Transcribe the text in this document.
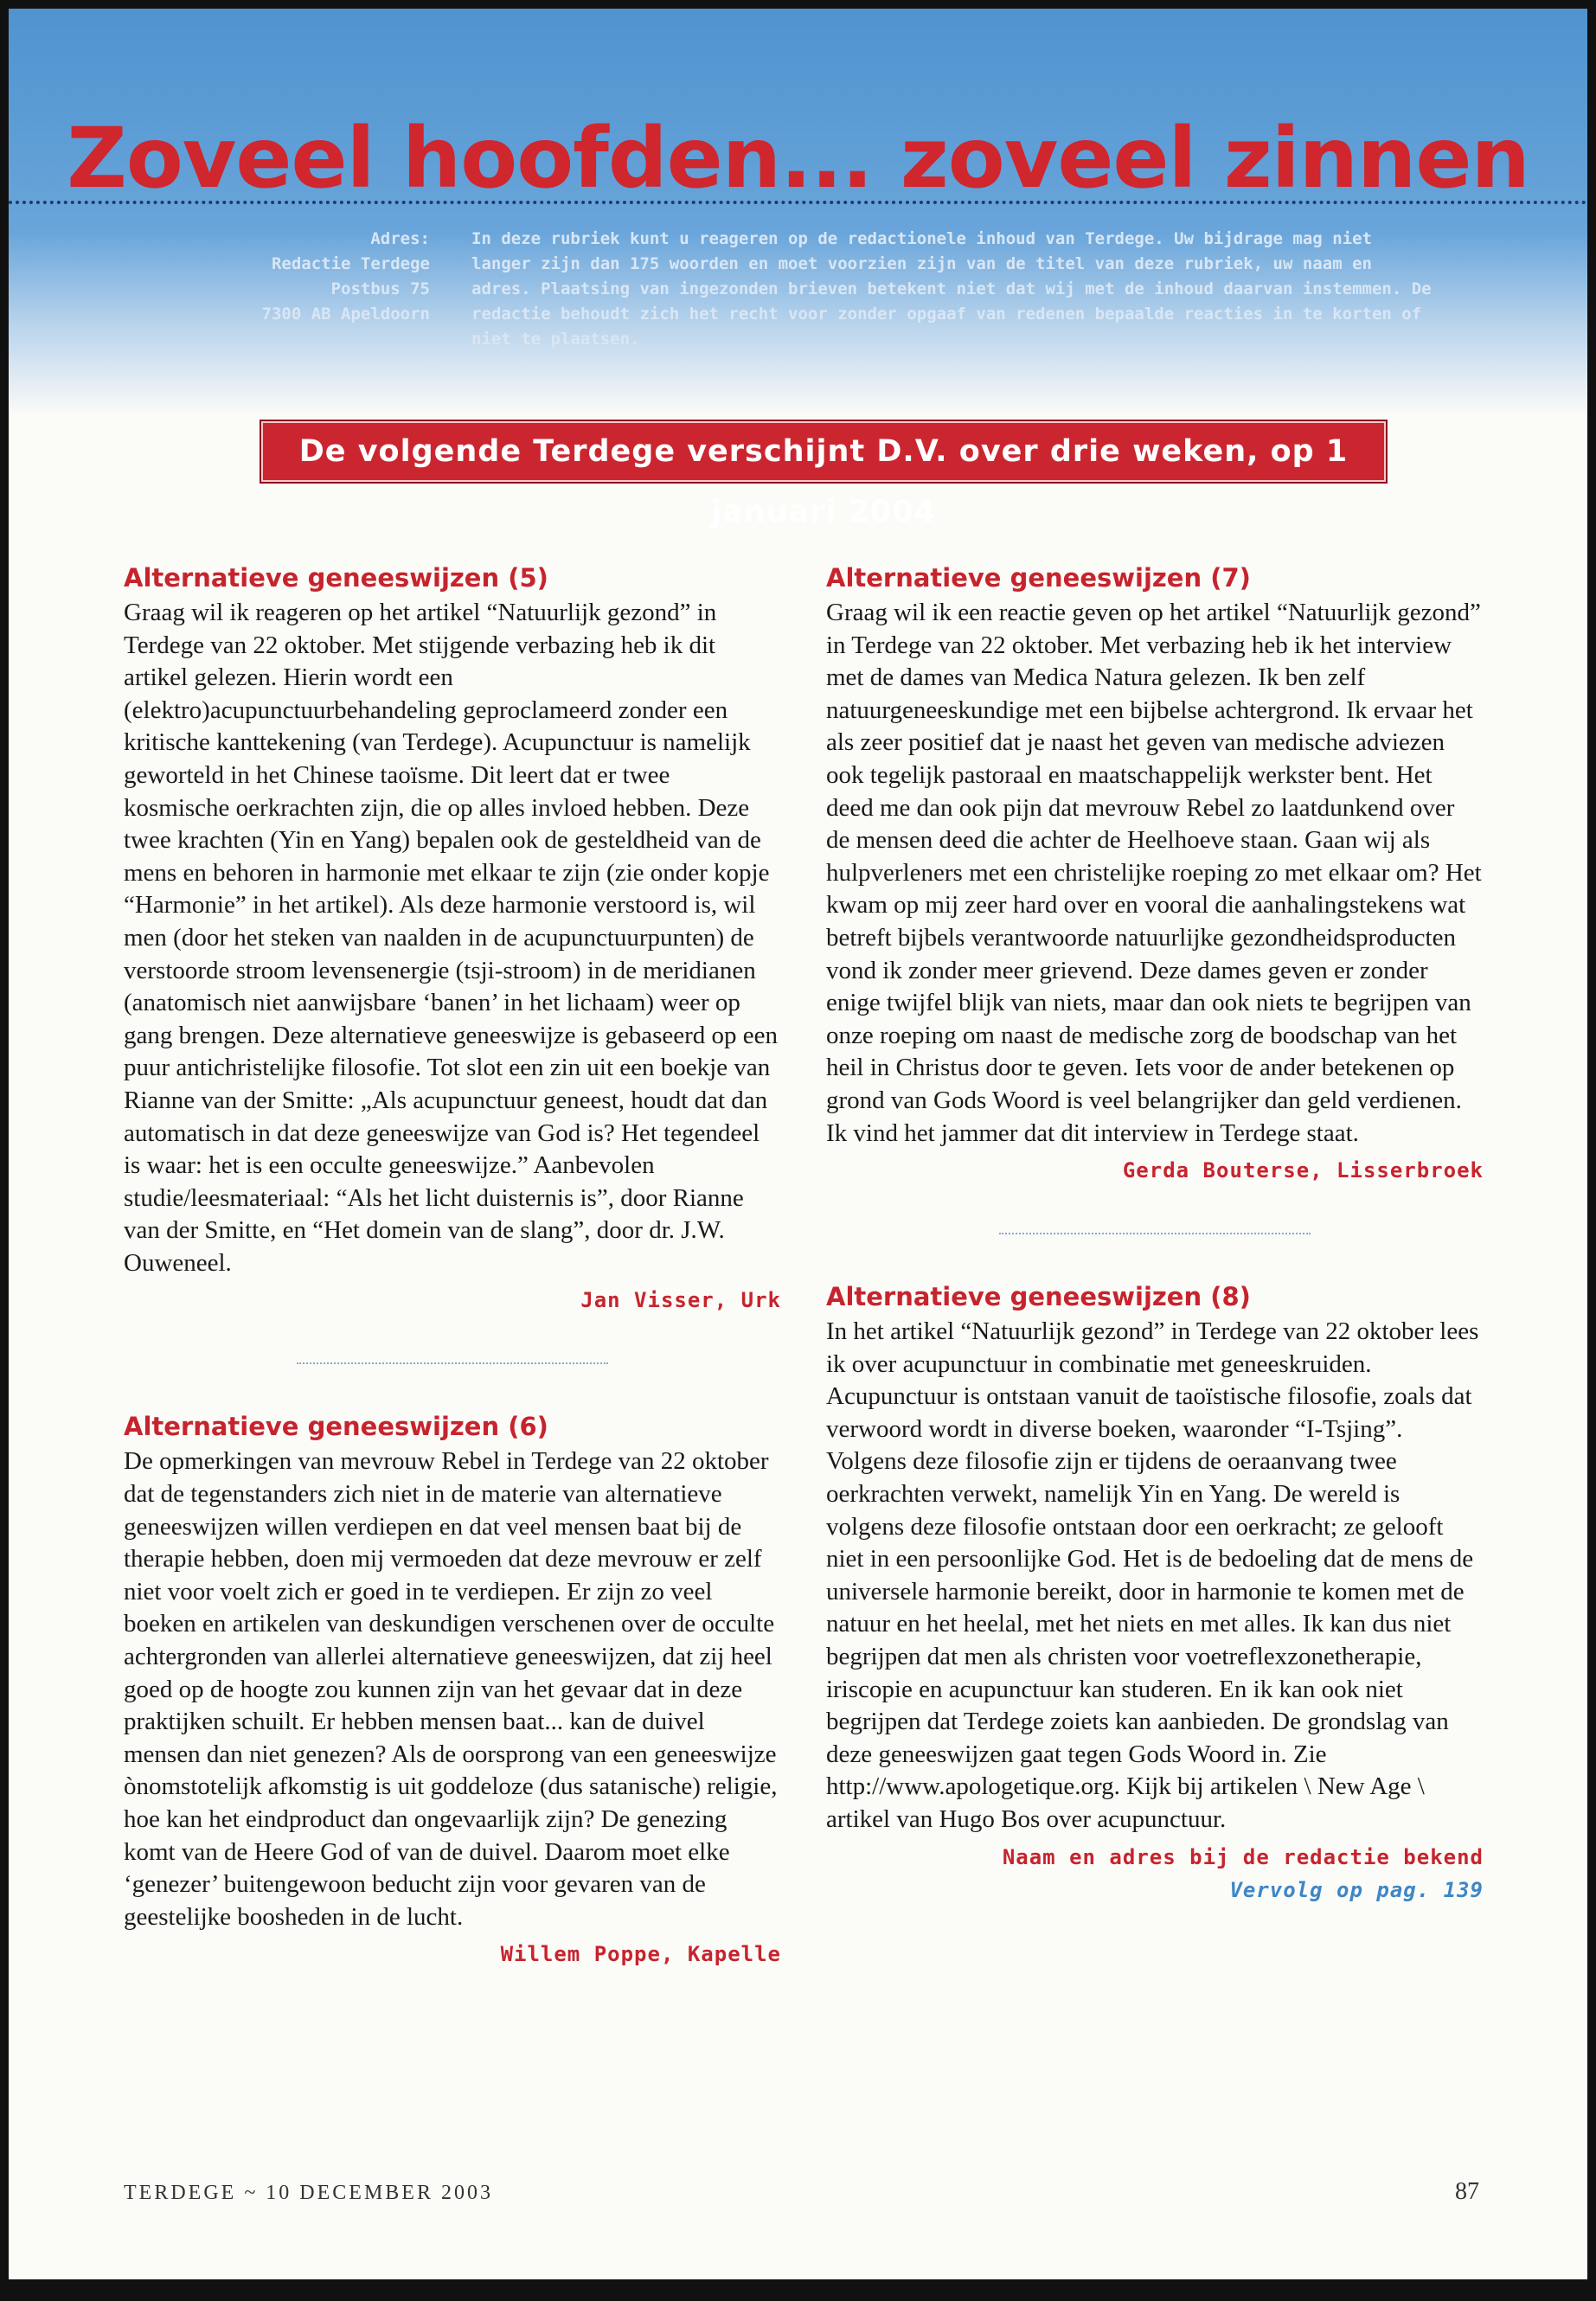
Zoveel hoofden... zoveel zinnen
Adres:
Redactie Terdege
Postbus 75
7300 AB Apeldoorn
In deze rubriek kunt u reageren op de redactionele inhoud van Terdege. Uw bijdrage mag niet langer zijn dan 175 woorden en moet voorzien zijn van de titel van deze rubriek, uw naam en adres. Plaatsing van ingezonden brieven betekent niet dat wij met de inhoud daarvan instemmen. De redactie behoudt zich het recht voor zonder opgaaf van redenen bepaalde reacties in te korten of niet te plaatsen.
De volgende Terdege verschijnt D.V. over drie weken, op 1 januari 2004
Alternatieve geneeswijzen (5)

Graag wil ik reageren op het artikel “Natuurlijk gezond” in Terdege van 22 oktober. Met stijgende verbazing heb ik dit artikel gelezen. Hierin wordt een (elektro)acupunctuurbehandeling geproclameerd zonder een kritische kanttekening (van Terdege). Acupunctuur is namelijk geworteld in het Chinese taoïsme. Dit leert dat er twee kosmische oerkrachten zijn, die op alles invloed hebben. Deze twee krachten (Yin en Yang) bepalen ook de gesteldheid van de mens en behoren in harmonie met elkaar te zijn (zie onder kopje “Harmonie” in het artikel). Als deze harmonie verstoord is, wil men (door het steken van naalden in de acupunctuurpunten) de verstoorde stroom levensenergie (tsji-stroom) in de meridianen (anatomisch niet aanwijsbare ‘banen’ in het lichaam) weer op gang brengen. Deze alternatieve geneeswijze is gebaseerd op een puur antichristelijke filosofie. Tot slot een zin uit een boekje van Rianne van der Smitte: „Als acupunctuur geneest, houdt dat dan automatisch in dat deze geneeswijze van God is? Het tegendeel is waar: het is een occulte geneeswijze.” Aanbevolen studie/leesmateriaal: “Als het licht duisternis is”, door Rianne van der Smitte, en “Het domein van de slang”, door dr. J.W. Ouweneel.

Jan Visser, Urk
Alternatieve geneeswijzen (6)

De opmerkingen van mevrouw Rebel in Terdege van 22 oktober dat de tegenstanders zich niet in de materie van alternatieve geneeswijzen willen verdiepen en dat veel mensen baat bij de therapie hebben, doen mij vermoeden dat deze mevrouw er zelf niet voor voelt zich er goed in te verdiepen. Er zijn zo veel boeken en artikelen van deskundigen verschenen over de occulte achtergronden van allerlei alternatieve geneeswijzen, dat zij heel goed op de hoogte zou kunnen zijn van het gevaar dat in deze praktijken schuilt. Er hebben mensen baat... kan de duivel mensen dan niet genezen? Als de oorsprong van een geneeswijze ònomstotelijk afkomstig is uit goddeloze (dus satanische) religie, hoe kan het eindproduct dan ongevaarlijk zijn? De genezing komt van de Heere God of van de duivel. Daarom moet elke ‘genezer’ buitengewoon beducht zijn voor gevaren van de geestelijke boosheden in de lucht.

Willem Poppe, Kapelle
Alternatieve geneeswijzen (7)

Graag wil ik een reactie geven op het artikel “Natuurlijk gezond” in Terdege van 22 oktober. Met verbazing heb ik het interview met de dames van Medica Natura gelezen. Ik ben zelf natuurgeneeskundige met een bijbelse achtergrond. Ik ervaar het als zeer positief dat je naast het geven van medische adviezen ook tegelijk pastoraal en maatschappelijk werkster bent. Het deed me dan ook pijn dat mevrouw Rebel zo laatdunkend over de mensen deed die achter de Heelhoeve staan. Gaan wij als hulpverleners met een christelijke roeping zo met elkaar om? Het kwam op mij zeer hard over en vooral die aanhalingstekens wat betreft bijbels verantwoorde natuurlijke gezondheidsproducten vond ik zonder meer grievend. Deze dames geven er zonder enige twijfel blijk van niets, maar dan ook niets te begrijpen van onze roeping om naast de medische zorg de boodschap van het heil in Christus door te geven. Iets voor de ander betekenen op grond van Gods Woord is veel belangrijker dan geld verdienen. Ik vind het jammer dat dit interview in Terdege staat.

Gerda Bouterse, Lisserbroek
Alternatieve geneeswijzen (8)

In het artikel “Natuurlijk gezond” in Terdege van 22 oktober lees ik over acupunctuur in combinatie met geneeskruiden. Acupunctuur is ontstaan vanuit de taoïstische filosofie, zoals dat verwoord wordt in diverse boeken, waaronder “I-Tsjing”. Volgens deze filosofie zijn er tijdens de oeraanvang twee oerkrachten verwekt, namelijk Yin en Yang. De wereld is volgens deze filosofie ontstaan door een oerkracht; ze gelooft niet in een persoonlijke God. Het is de bedoeling dat de mens de universele harmonie bereikt, door in harmonie te komen met de natuur en het heelal, met het niets en met alles. Ik kan dus niet begrijpen dat men als christen voor voetreflexzonetherapie, iriscopie en acupunctuur kan studeren. En ik kan ook niet begrijpen dat Terdege zoiets kan aanbieden. De grondslag van deze geneeswijzen gaat tegen Gods Woord in. Zie http://www.apologetique.org. Kijk bij artikelen \ New Age \ artikel van Hugo Bos over acupunctuur.

Naam en adres bij de redactie bekend
Vervolg op pag. 139
TERDEGE ~ 10 DECEMBER 2003	87
